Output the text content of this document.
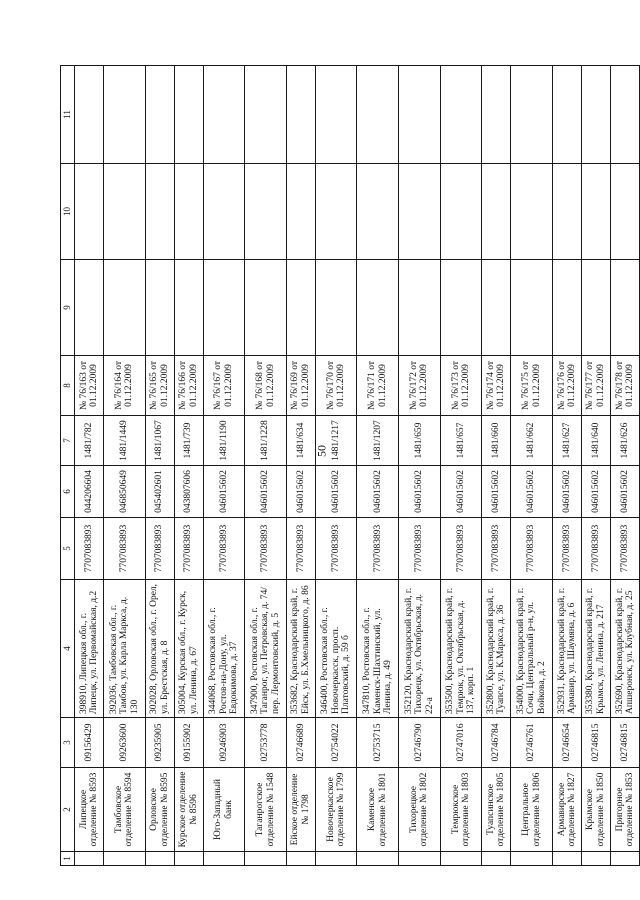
50
1	2	3	4	5	6	7	8	9	10	11
	Липецкое отделение № 8593	09156429	398910, Липецкая обл., г. Липецк, ул. Первомайская, д.2	7707083893	044206604	1481/782	№ 76/163 от 01.12.2009			
	Тамбовское отделение № 8594	09263600	392036, Тамбовская обл., г. Тамбов, ул. Карла Маркса, д. 130	7707083893	046850649	1481/1449	№ 76/164 от 01.12.2009			
	Орловское отделение № 8595	09235905	302028, Орловская обл., г. Орел, ул. Брестская, д. 8	7707083893	045402601	1481/1067	№ 76/165 от 01.12.2009			
	Курское отделение № 8596	09155902	305004, Курская обл., г. Курск, ул. Ленина, д. 67	7707083893	043807606	1481/739	№ 76/166 от 01.12.2009			
	Юго-Западный банк	09246903	344068, Ростовская обл., г. Ростов-на-Дону, ул. Евдокимова, д. 37	7707083893	046015602	1481/1190	№ 76/167 от 01.12.2009			
	Таганрогское отделение № 1548	02753778	347900, Ростовская обл., г. Таганрог, ул. Петровская, д. 74/пер. Лермонтовский, д. 5	7707083893	046015602	1481/1228	№ 76/168 от 01.12.2009			
	Ейское отделение № 1798	02746689	353682, Краснодарский край, г. Ейск, ул. Б.Хмельницкого, д. 86	7707083893	046015602	1481/634	№ 76/169 от 01.12.2009			
	Новочеркасское отделение № 1799	02754022	346400, Ростовская обл., г. Новочеркасск, просп. Платовский, д. 59 б	7707083893	046015602	1481/1217	№ 76/170 от 01.12.2009			
	Каменское отделение № 1801	02753715	347810, Ростовская обл., г. Каменск-Шахтинский, ул. Ленина, д. 49	7707083893	046015602	1481/1207	№ 76/171 от 01.12.2009			
	Тихорецкое отделение № 1802	02746790	352120, Краснодарский край, г. Тихорецк, ул. Октябрьская, д. 22-а	7707083893	046015602	1481/659	№ 76/172 от 01.12.2009			
	Темрюкское отделение № 1803	02747016	353500, Краснодарский край, г. Темрюк, ул. Октябрьская, д. 137, корп. 1	7707083893	046015602	1481/657	№ 76/173 от 01.12.2009			
	Туапсинское отделение № 1805	02746784	352800, Краснодарский край, г. Туапсе, ул. К.Маркса, д. 36	7707083893	046015602	1481/660	№ 76/174 от 01.12.2009			
	Центральное отделение № 1806	02746761	354000, Краснодарский край, г. Сочи, Центральный р-н, ул. Войкова, д. 2	7707083893	046015602	1481/662	№ 76/175 от 01.12.2009			
	Армавирское отделение № 1827	02746654	352931, Краснодарский край, г. Армавир, ул. Шаумяна, д. 6	7707083893	046015602	1481/627	№ 76/176 от 01.12.2009			
	Крымское отделение № 1850	02746815	353380, Краснодарский край, г. Крымск, ул. Ленина, д. 217	7707083893	046015602	1481/640	№ 76/177 от 01.12.2009			
	Пригорное отделение № 1853	02746815	352690, Краснодарский край, г. Апшеронск, ул. Клубная, д. 25	7707083893	046015602	1481/626	№ 76/178 от 01.12.2009			
